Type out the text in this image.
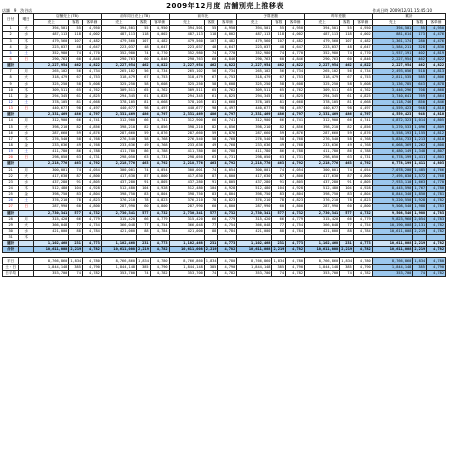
店舗 9 渋谷店
2009年12月度 店舗別売上推移表
作成日時 2009/12/31 15:45:10
日付	曜日	店舗売上(TB)			前年同日売上(TB)			前年比			予算差額			昨年差額			累計		
		売上	客数	客単価	売上	客数	客単価	売上	客数	客単価	売上	客数	客単価	売上	客数	客単価	売上	客数	客単価
1	火	394,501	55	4,950	394,501	55	4,950	394,501	55	4,950	394,501	55	4,950	394,501	55	4,950	394,501	55	4,950
2	水	487,113	118	4,002	487,113	118	4,002	487,113	118	4,002	487,113	118	4,002	487,113	118	4,002	881,614	173	4,476
3	木	479,560	107	4,482	479,560	107	4,482	479,560	107	4,482	479,560	107	4,482	479,560	107	4,482	1,361,174	280	4,476
4	金	223,037	48	4,647	223,037	48	4,647	223,037	48	4,647	223,037	48	4,647	223,037	48	4,647	1,584,211	328	4,830
5	土	352,980	74	4,770	352,980	74	4,770	352,980	74	4,770	352,980	74	4,770	352,980	74	4,770	1,937,191	402	4,819
6	日	290,763	60	4,846	290,763	60	4,846	290,763	60	4,846	290,763	60	4,846	290,763	60	4,846	2,227,954	462	4,822
週計		2,227,954	462	4,822	2,227,954	462	4,822	2,227,954	462	4,822	2,227,954	462	4,822	2,227,954	462	4,822	2,227,954	462	4,822
7	月	265,102	56	4,734	265,102	56	4,734	265,102	56	4,734	265,102	56	4,734	265,102	56	4,734	2,493,056	518	4,813
8	火	318,479	67	4,753	318,479	67	4,753	318,479	67	4,753	318,479	67	4,753	318,479	67	4,753	2,811,535	585	4,806
9	水	325,250	58	5,608	325,250	58	5,608	325,250	58	5,608	325,250	58	5,608	325,250	58	5,608	3,136,785	643	4,878
10	木	309,511	65	4,762	309,511	65	4,762	309,511	65	4,762	309,511	65	4,762	309,511	65	4,762	3,446,296	708	4,868
11	金	294,345	61	4,825	294,345	61	4,825	294,345	61	4,825	294,345	61	4,825	294,345	61	4,825	3,740,641	769	4,864
12	土	378,105	81	4,668	378,105	81	4,668	378,105	81	4,668	378,105	81	4,668	378,105	81	4,668	4,118,746	850	4,846
13	日	440,677	98	4,497	440,677	98	4,497	440,677	98	4,497	440,677	98	4,497	440,677	98	4,497	4,559,423	948	4,810
週計		2,331,469	486	4,797	2,331,469	486	4,797	2,331,469	486	4,797	2,331,469	486	4,797	2,331,469	486	4,797	4,559,423	948	4,810
14	月	312,900	66	4,741	312,900	66	4,741	312,900	66	4,741	312,900	66	4,741	312,900	66	4,741	4,872,323	1,014	4,805
15	火	398,210	82	4,856	398,210	82	4,856	398,210	82	4,856	398,210	82	4,856	398,210	82	4,856	5,270,533	1,096	4,809
16	水	287,660	59	4,876	287,660	59	4,876	287,660	59	4,876	287,660	59	4,876	287,660	59	4,876	5,558,193	1,155	4,812
17	木	276,540	58	4,768	276,540	58	4,768	276,540	58	4,768	276,540	58	4,768	276,540	58	4,768	5,834,733	1,213	4,810
18	金	233,636	49	4,768	233,636	49	4,768	233,636	49	4,768	233,636	49	4,768	233,636	49	4,768	6,068,369	1,262	4,808
19	土	411,780	86	4,788	411,780	86	4,788	411,780	86	4,788	411,780	86	4,788	411,780	86	4,788	6,480,149	1,348	4,807
20	日	298,050	63	4,731	298,050	63	4,731	298,050	63	4,731	298,050	63	4,731	298,050	63	4,731	6,778,199	1,411	4,803
週計		2,218,776	463	4,792	2,218,776	463	4,792	2,218,776	463	4,792	2,218,776	463	4,792	2,218,776	463	4,792	6,778,199	1,411	4,803
21	月	300,001	74	4,054	300,001	74	4,054	300,001	74	4,054	300,001	74	4,054	300,001	74	4,054	7,078,200	1,485	4,766
22	火	417,630	87	4,800	417,630	87	4,800	417,630	87	4,800	417,630	87	4,800	417,630	87	4,800	7,495,830	1,572	4,768
23	水	437,280	91	4,805	437,280	91	4,805	437,280	91	4,805	437,280	91	4,805	437,280	91	4,805	7,933,110	1,663	4,770
24	木	512,480	104	4,928	512,480	104	4,928	512,480	104	4,928	512,480	104	4,928	512,480	104	4,928	8,445,590	1,767	4,780
25	金	398,750	83	4,804	398,750	83	4,804	398,750	83	4,804	398,750	83	4,804	398,750	83	4,804	8,844,340	1,850	4,781
26	土	376,210	78	4,823	376,210	78	4,823	376,210	78	4,823	376,210	78	4,823	376,210	78	4,823	9,220,550	1,928	4,782
27	日	287,990	60	4,800	287,990	60	4,800	287,990	60	4,800	287,990	60	4,800	287,990	60	4,800	9,508,540	1,988	4,783
週計		2,730,341	577	4,732	2,730,341	577	4,732	2,730,341	577	4,732	2,730,341	577	4,732	2,730,341	577	4,732	9,508,540	1,988	4,783
28	月	315,420	66	4,779	315,420	66	4,779	315,420	66	4,779	315,420	66	4,779	315,420	66	4,779	9,823,960	2,054	4,783
29	火	366,048	77	4,754	366,048	77	4,754	366,048	77	4,754	366,048	77	4,754	366,048	77	4,754	10,190,008	2,131	4,782
30	水	421,000	88	4,784	421,000	88	4,784	421,000	88	4,784	421,000	88	4,784	421,000	88	4,784	10,611,008	2,219	4,782
31	木																		
週計		1,102,468	231	4,773	1,102,468	231	4,773	1,102,468	231	4,773	1,102,468	231	4,773	1,102,468	231	4,773	10,611,008	2,219	4,782
合計		10,611,008	2,219	4,782	10,611,008	2,219	4,782	10,611,008	2,219	4,782	10,611,008	2,219	4,782	10,611,008	2,219	4,782	10,611,008	2,219	4,782

平日		8,766,860	1,834	4,780	8,766,860	1,834	4,780	8,766,860	1,834	4,780	8,766,860	1,834	4,780	8,766,860	1,834	4,780	8,766,860	1,834	4,780
土・日		1,844,148	385	4,790	1,844,148	385	4,790	1,844,148	385	4,790	1,844,148	385	4,790	1,844,148	385	4,790	1,844,148	385	4,790
日平均		353,700	74	4,782	353,700	74	4,782	353,700	74	4,782	353,700	74	4,782	353,700	74	4,782	353,700	74	4,782
